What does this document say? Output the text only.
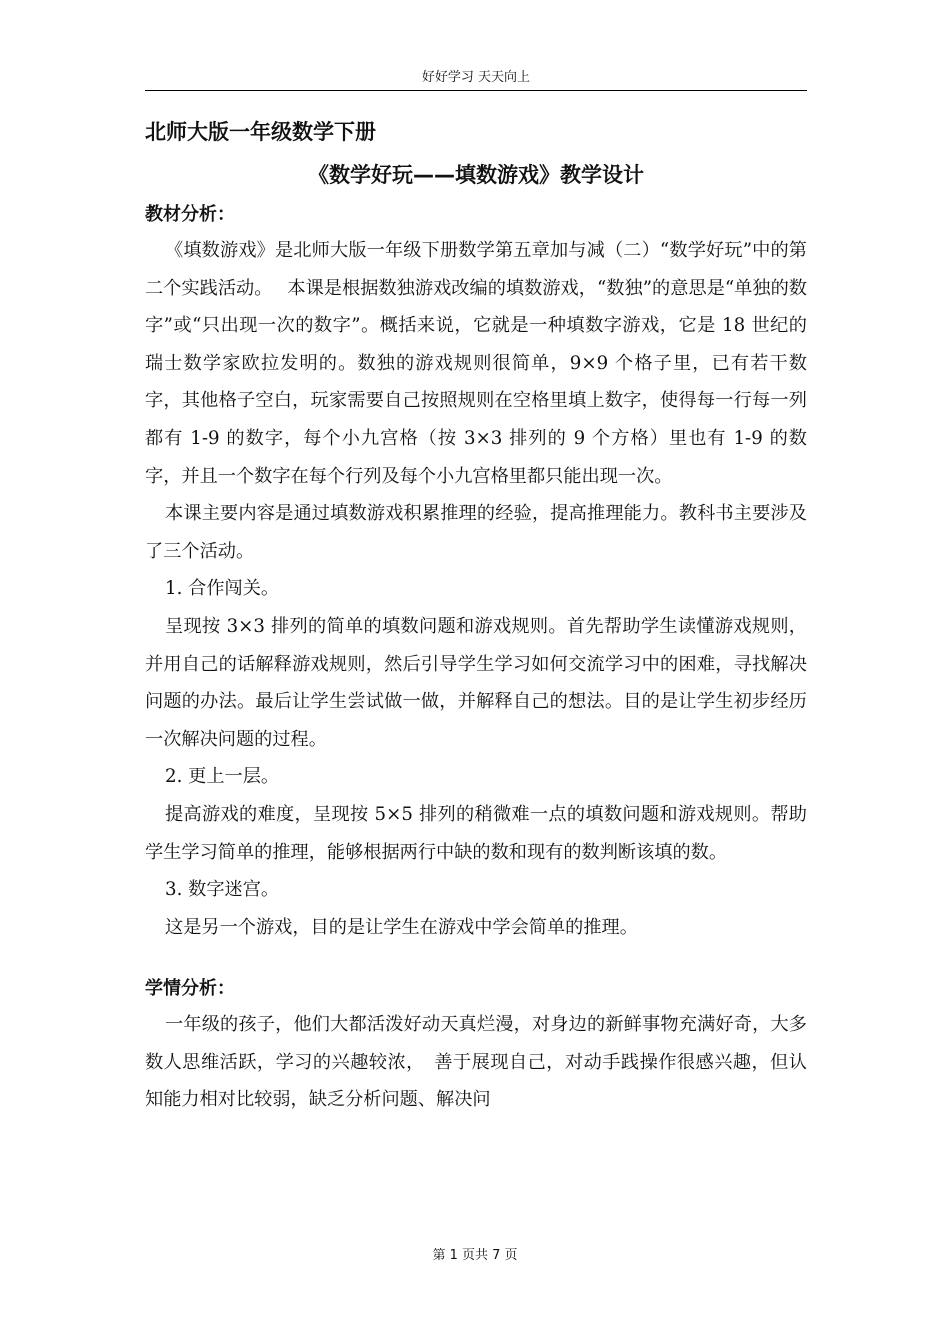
好好学习 天天向上

北师大版一年级数学下册

《数学好玩——填数游戏》教学设计

教材分析：

《填数游戏》是北师大版一年级下册数学第五章加与减（二）“数学好玩”中的第二个实践活动。　 本课是根据数独游戏改编的填数游戏，“数独”的意思是“单独的数字”或“只出现一次的数字”。概括来说，它就是一种填数字游戏，它是 18 世纪的瑞士数学家欧拉发明的。数独的游戏规则很简单，9×9 个格子里，已有若干数字，其他格子空白，玩家需要自己按照规则在空格里填上数字，使得每一行每一列都有 1-9 的数字，每个小九宫格（按 3×3 排列的 9 个方格）里也有 1-9 的数字，并且一个数字在每个行列及每个小九宫格里都只能出现一次。

本课主要内容是通过填数游戏积累推理的经验，提高推理能力。教科书主要涉及了三个活动。

1. 合作闯关。

呈现按 3×3 排列的简单的填数问题和游戏规则。首先帮助学生读懂游戏规则，并用自己的话解释游戏规则，然后引导学生学习如何交流学习中的困难，寻找解决问题的办法。最后让学生尝试做一做，并解释自己的想法。目的是让学生初步经历一次解决问题的过程。

2. 更上一层。

提高游戏的难度，呈现按 5×5 排列的稍微难一点的填数问题和游戏规则。帮助学生学习简单的推理，能够根据两行中缺的数和现有的数判断该填的数。

3. 数字迷宫。

这是另一个游戏，目的是让学生在游戏中学会简单的推理。

学情分析：

一年级的孩子，他们大都活泼好动天真烂漫，对身边的新鲜事物充满好奇，大多数人思维活跃，学习的兴趣较浓，　善于展现自己，对动手践操作很感兴趣，但认知能力相对比较弱，缺乏分析问题、解决问

第 1 页共 7 页
